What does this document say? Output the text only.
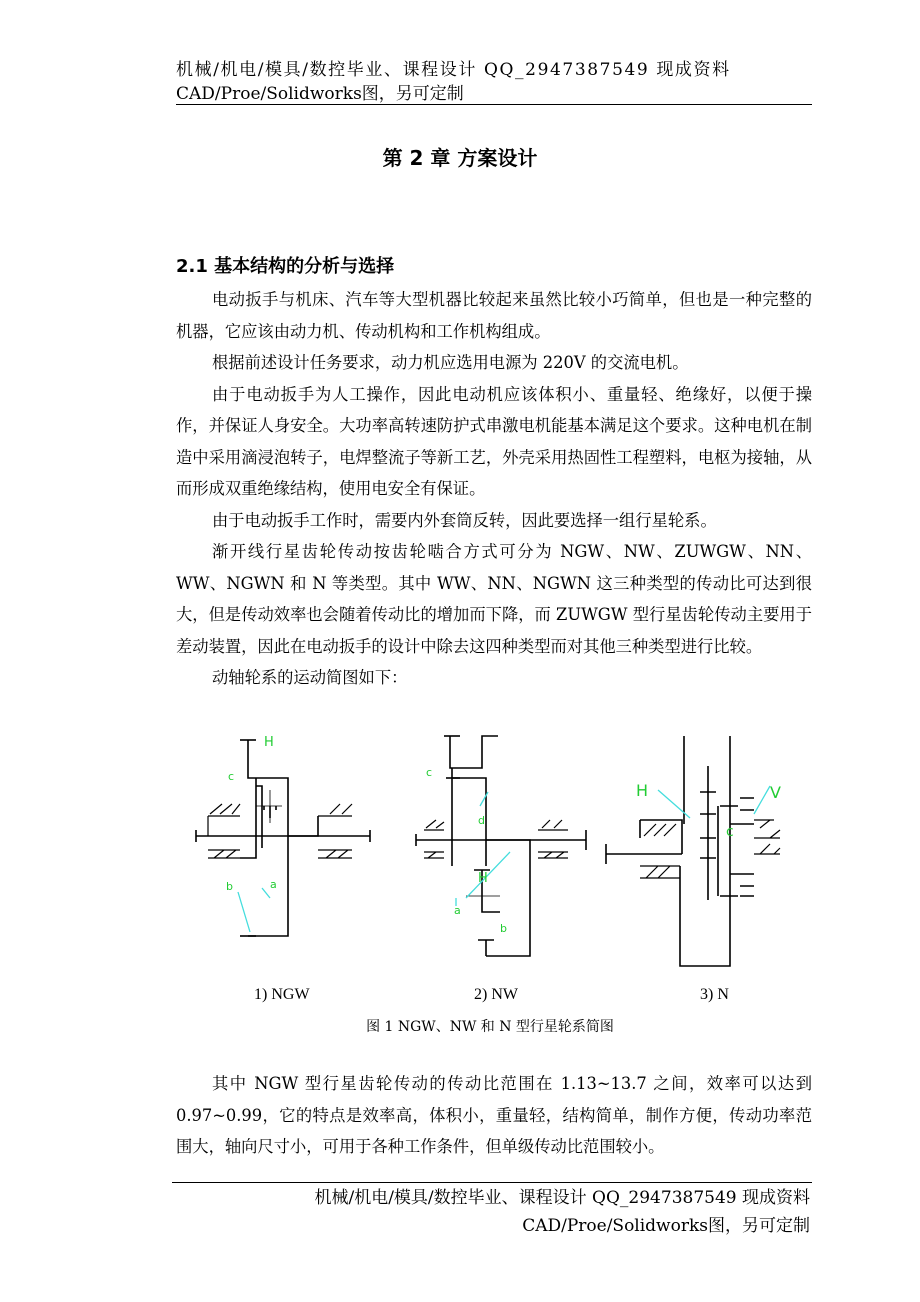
机械/机电/模具/数控毕业、课程设计 QQ_2947387549 现成资料
CAD/Proe/Solidworks图，另可定制
第 2 章 方案设计
2.1 基本结构的分析与选择

电动扳手与机床、汽车等大型机器比较起来虽然比较小巧简单，但也是一种完整的机器，它应该由动力机、传动机构和工作机构组成。

根据前述设计任务要求，动力机应选用电源为 220V 的交流电机。

由于电动扳手为人工操作，因此电动机应该体积小、重量轻、绝缘好，以便于操作，并保证人身安全。大功率高转速防护式串激电机能基本满足这个要求。这种电机在制造中采用滴浸泡转子，电焊整流子等新工艺，外壳采用热固性工程塑料，电枢为接轴，从而形成双重绝缘结构，使用电安全有保证。

由于电动扳手工作时，需要内外套筒反转，因此要选择一组行星轮系。

渐开线行星齿轮传动按齿轮啮合方式可分为 NGW、NW、ZUWGW、NN、WW、NGWN 和 N 等类型。其中 WW、NN、NGWN 这三种类型的传动比可达到很大，但是传动效率也会随着传动比的增加而下降，而 ZUWGW 型行星齿轮传动主要用于差动装置，因此在电动扳手的设计中除去这四种类型而对其他三种类型进行比较。

动轴轮系的运动简图如下：

H
c
b	a
c
d
H
a
b
H	V
c
1) NGW	2) NW	3) N
图 1 NGW、NW 和 N 型行星轮系简图

其中 NGW 型行星齿轮传动的传动比范围在 1.13~13.7 之间，效率可以达到 0.97~0.99，它的特点是效率高，体积小，重量轻，结构简单，制作方便，传动功率范围大，轴向尺寸小，可用于各种工作条件，但单级传动比范围较小。

机械/机电/模具/数控毕业、课程设计 QQ_2947387549 现成资料
CAD/Proe/Solidworks图，另可定制
